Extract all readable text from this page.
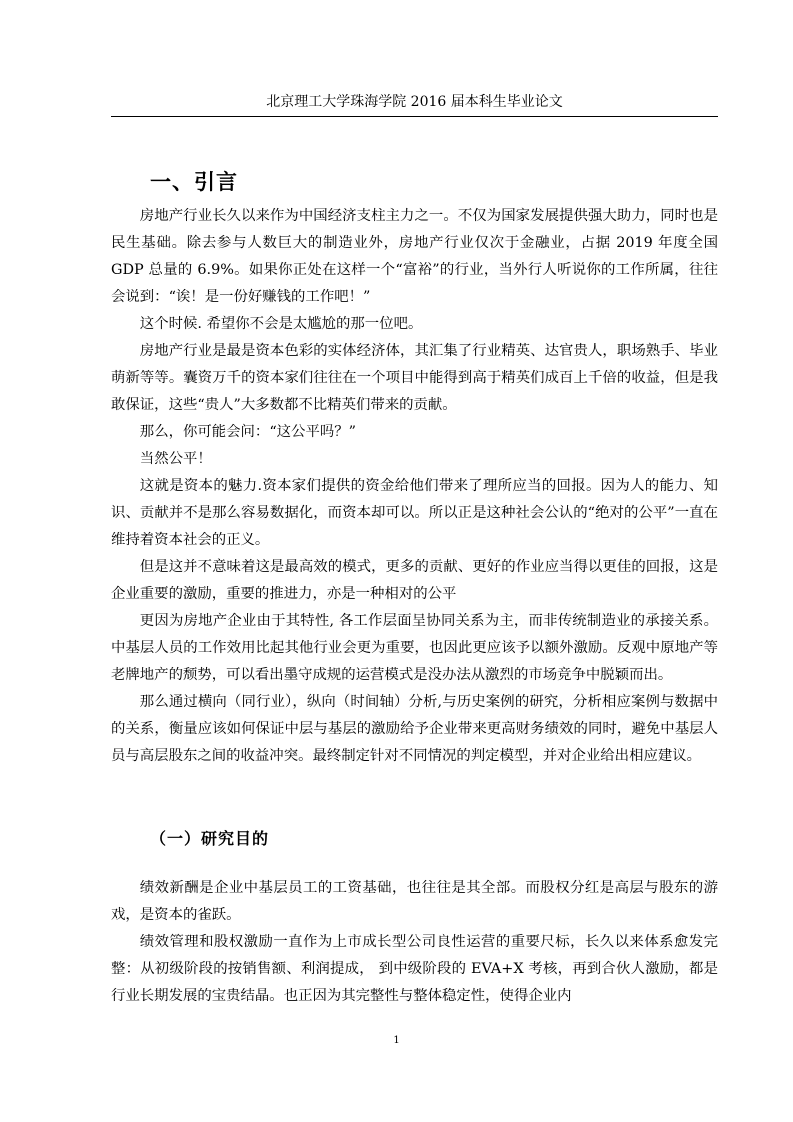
北京理工大学珠海学院 2016 届本科生毕业论文
一、引言

房地产行业长久以来作为中国经济支柱主力之一。不仅为国家发展提供强大助力，同时也是民生基础。除去参与人数巨大的制造业外，房地产行业仅次于金融业，占据 2019 年度全国 GDP 总量的 6.9%。如果你正处在这样一个“富裕”的行业，当外行人听说你的工作所属，往往会说到：“诶！是一份好赚钱的工作吧！”

这个时候. 希望你不会是太尴尬的那一位吧。

房地产行业是最是资本色彩的实体经济体，其汇集了行业精英、达官贵人，职场熟手、毕业萌新等等。囊资万千的资本家们往往在一个项目中能得到高于精英们成百上千倍的收益，但是我敢保证，这些“贵人”大多数都不比精英们带来的贡献。

那么，你可能会问：“这公平吗？”

当然公平！

这就是资本的魅力.资本家们提供的资金给他们带来了理所应当的回报。因为人的能力、知识、贡献并不是那么容易数据化，而资本却可以。所以正是这种社会公认的“绝对的公平”一直在维持着资本社会的正义。

但是这并不意味着这是最高效的模式，更多的贡献、更好的作业应当得以更佳的回报，这是企业重要的激励，重要的推进力，亦是一种相对的公平

更因为房地产企业由于其特性, 各工作层面呈协同关系为主，而非传统制造业的承接关系。中基层人员的工作效用比起其他行业会更为重要，也因此更应该予以额外激励。反观中原地产等老牌地产的颓势，可以看出墨守成规的运营模式是没办法从激烈的市场竞争中脱颖而出。

那么通过横向（同行业），纵向（时间轴）分析,与历史案例的研究，分析相应案例与数据中的关系，衡量应该如何保证中层与基层的激励给予企业带来更高财务绩效的同时，避免中基层人员与高层股东之间的收益冲突。最终制定针对不同情况的判定模型，并对企业给出相应建议。

（一）研究目的

绩效新酬是企业中基层员工的工资基础，也往往是其全部。而股权分红是高层与股东的游戏，是资本的雀跃。

绩效管理和股权激励一直作为上市成长型公司良性运营的重要尺标，长久以来体系愈发完整：从初级阶段的按销售额、利润提成， 到中级阶段的 EVA+X 考核，再到合伙人激励，都是行业长期发展的宝贵结晶。也正因为其完整性与整体稳定性，使得企业内

1
